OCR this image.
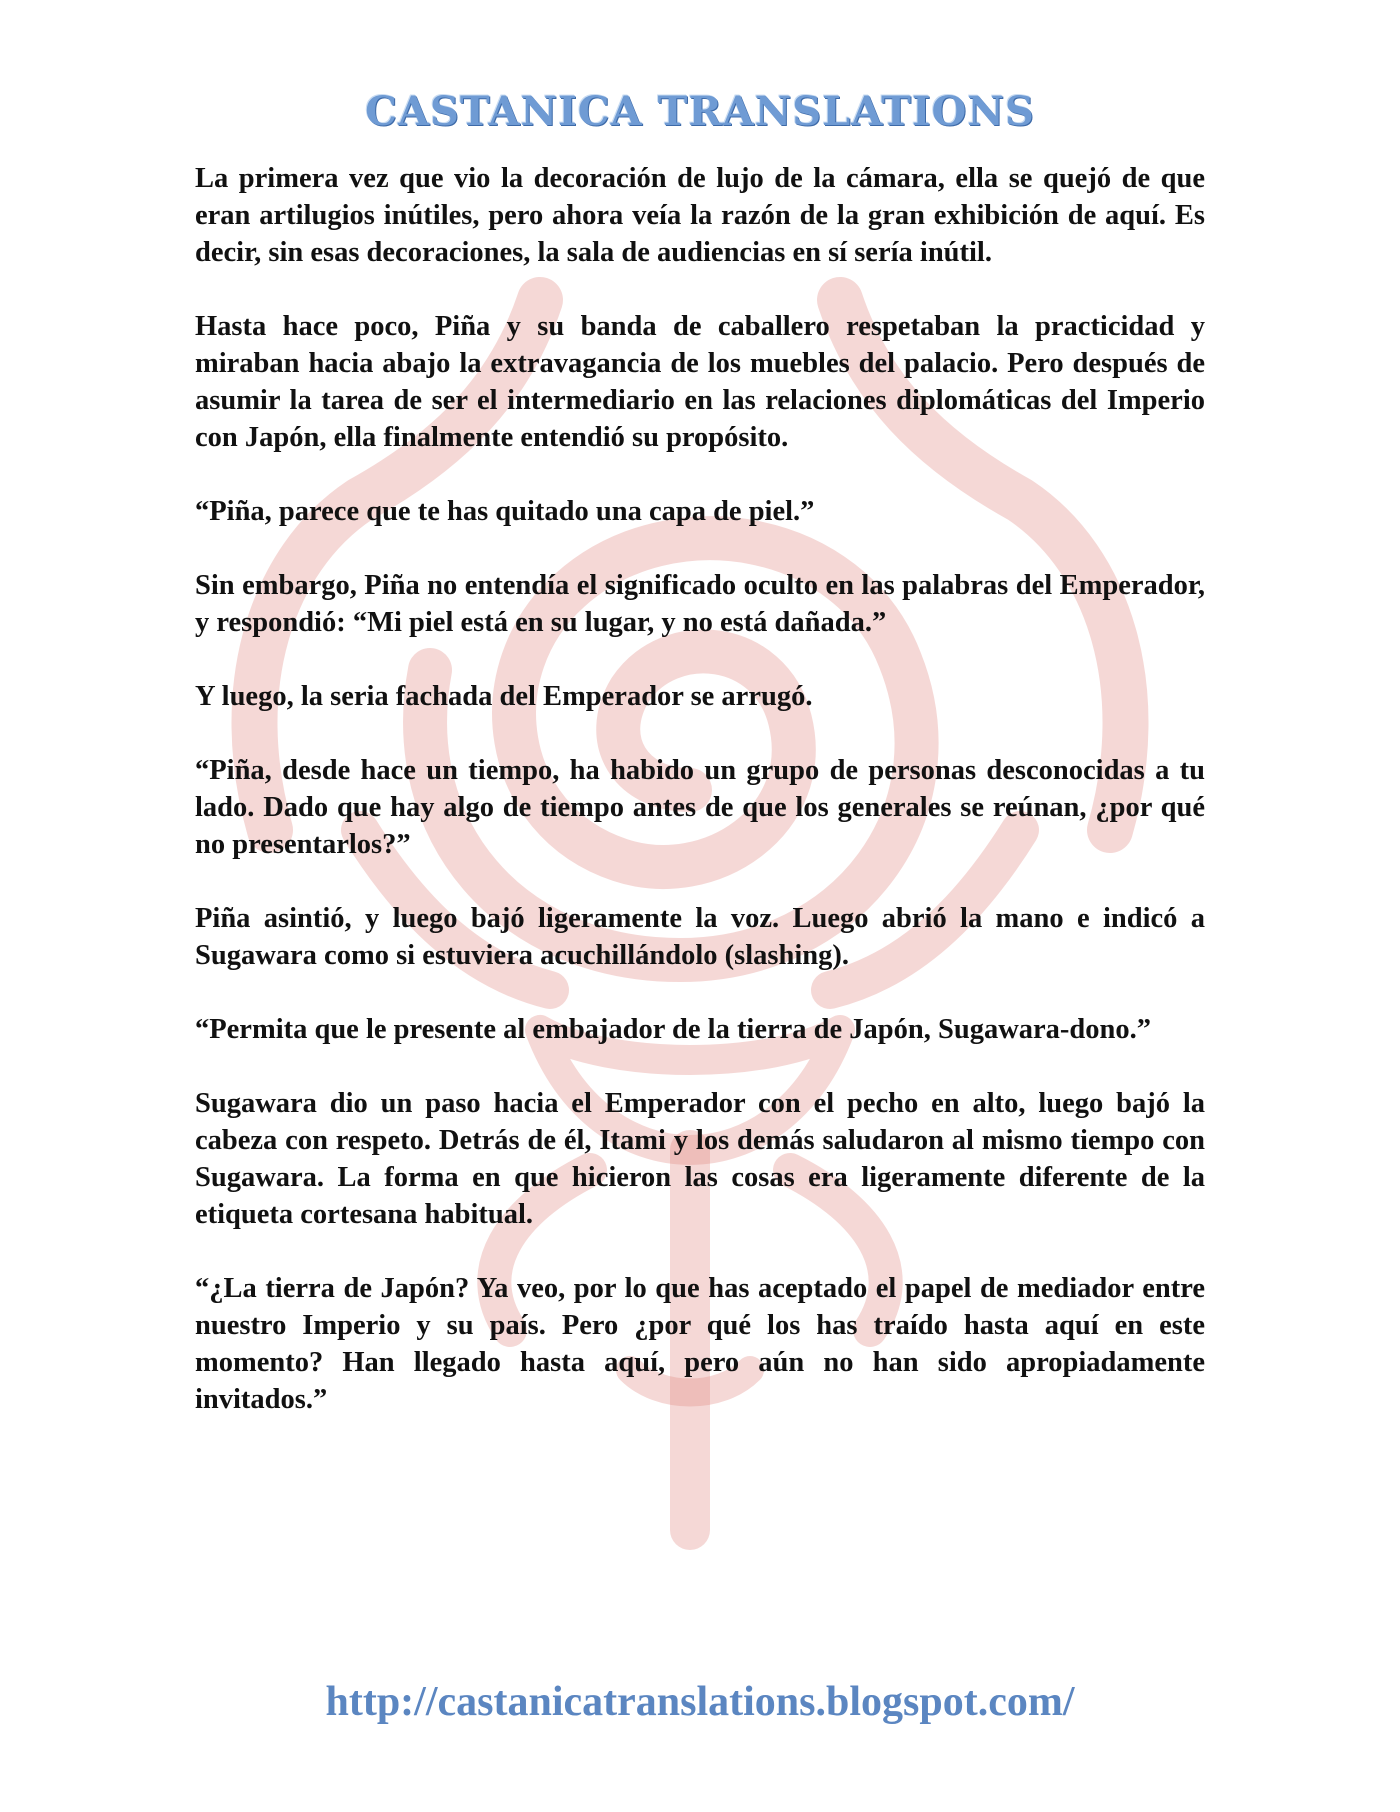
CASTANICA TRANSLATIONS

La primera vez que vio la decoración de lujo de la cámara, ella se quejó de que eran artilugios inútiles, pero ahora veía la razón de la gran exhibición de aquí. Es decir, sin esas decoraciones, la sala de audiencias en sí sería inútil.

Hasta hace poco, Piña y su banda de caballero respetaban la practicidad y miraban hacia abajo la extravagancia de los muebles del palacio. Pero después de asumir la tarea de ser el intermediario en las relaciones diplomáticas del Imperio con Japón, ella finalmente entendió su propósito.

“Piña, parece que te has quitado una capa de piel.”

Sin embargo, Piña no entendía el significado oculto en las palabras del Emperador, y respondió: “Mi piel está en su lugar, y no está dañada.”

Y luego, la seria fachada del Emperador se arrugó.

“Piña, desde hace un tiempo, ha habido un grupo de personas desconocidas a tu lado. Dado que hay algo de tiempo antes de que los generales se reúnan, ¿por qué no presentarlos?”

Piña asintió, y luego bajó ligeramente la voz. Luego abrió la mano e indicó a Sugawara como si estuviera acuchillándolo (slashing).

“Permita que le presente al embajador de la tierra de Japón, Sugawara-dono.”

Sugawara dio un paso hacia el Emperador con el pecho en alto, luego bajó la cabeza con respeto. Detrás de él, Itami y los demás saludaron al mismo tiempo con Sugawara. La forma en que hicieron las cosas era ligeramente diferente de la etiqueta cortesana habitual.

“¿La tierra de Japón? Ya veo, por lo que has aceptado el papel de mediador entre nuestro Imperio y su país. Pero ¿por qué los has traído hasta aquí en este momento? Han llegado hasta aquí, pero aún no han sido apropiadamente invitados.”

http://castanicatranslations.blogspot.com/
